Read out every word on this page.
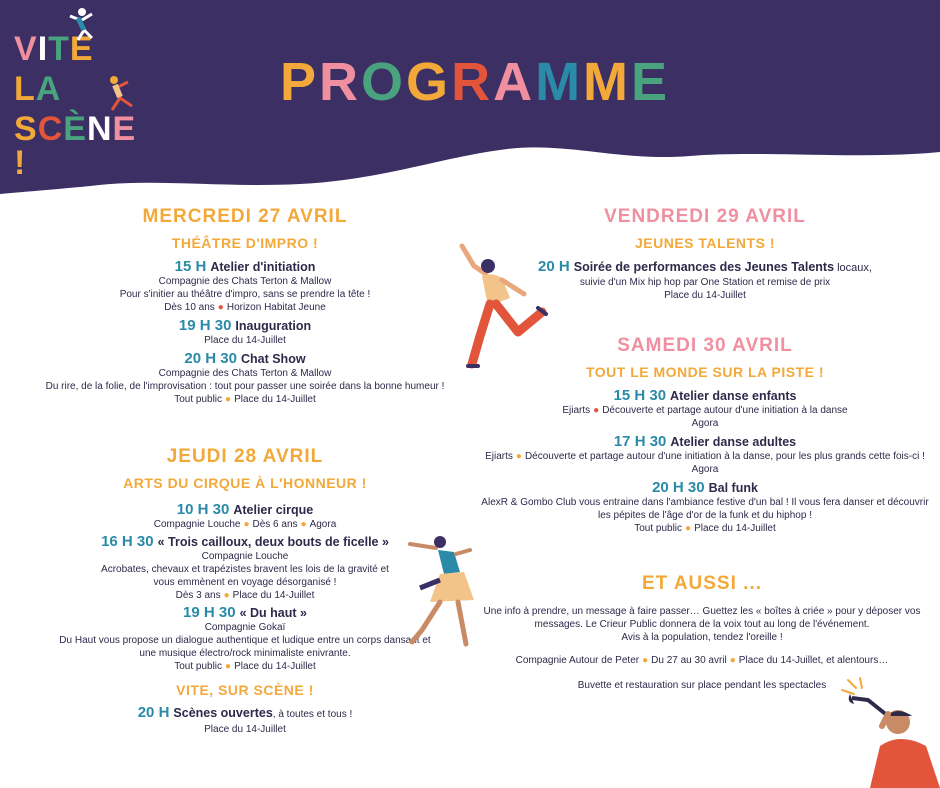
VITE
LA
SCÈNE !
PROGRAMME
MERCREDI 27 AVRIL
THÉÂTRE D'IMPRO !
15 H Atelier d'initiation
Compagnie des Chats Terton & Mallow
Pour s'initier au théâtre d'impro, sans se prendre la tête !
Dès 10 ans ● Horizon Habitat Jeune
19 H 30 Inauguration
Place du 14-Juillet
20 H 30 Chat Show
Compagnie des Chats Terton & Mallow
Du rire, de la folie, de l'improvisation : tout pour passer une soirée dans la bonne humeur !
Tout public ● Place du 14-Juillet
JEUDI 28 AVRIL
ARTS DU CIRQUE À L'HONNEUR !
10 H 30 Atelier cirque
Compagnie Louche ● Dès 6 ans ● Agora
16 H 30 « Trois cailloux, deux bouts de ficelle »
Compagnie Louche
Acrobates, chevaux et trapézistes bravent les lois de la gravité et
vous emmènent en voyage désorganisé !
Dès 3 ans ● Place du 14-Juillet
19 H 30 « Du haut »
Compagnie Gokaï
Du Haut vous propose un dialogue authentique et ludique entre un corps dansant et
une musique électro/rock minimaliste enivrante.
Tout public ● Place du 14-Juillet
VITE, SUR SCÈNE !
20 H Scènes ouvertes, à toutes et tous !
Place du 14-Juillet
VENDREDI 29 AVRIL
JEUNES TALENTS !
20 H Soirée de performances des Jeunes Talents locaux,
suivie d'un Mix hip hop par One Station et remise de prix
Place du 14-Juillet
SAMEDI 30 AVRIL
TOUT LE MONDE SUR LA PISTE !
15 H 30 Atelier danse enfants
Ejiarts ● Découverte et partage autour d'une initiation à la danse
Agora
17 H 30 Atelier danse adultes
Ejiarts ● Découverte et partage autour d'une initiation à la danse, pour les plus grands cette fois-ci !
Agora
20 H 30 Bal funk
AlexR & Gombo Club vous entraine dans l'ambiance festive d'un bal ! Il vous fera danser et découvrir
les pépites de l'âge d'or de la funk et du hiphop !
Tout public ● Place du 14-Juillet
ET AUSSI ...
Une info à prendre, un message à faire passer… Guettez les « boîtes à criée » pour y déposer vos
messages. Le Crieur Public donnera de la voix tout au long de l'événement.
Avis à la population, tendez l'oreille !
Compagnie Autour de Peter ● Du 27 au 30 avril ● Place du 14-Juillet, et alentours…
Buvette et restauration sur place pendant les spectacles
